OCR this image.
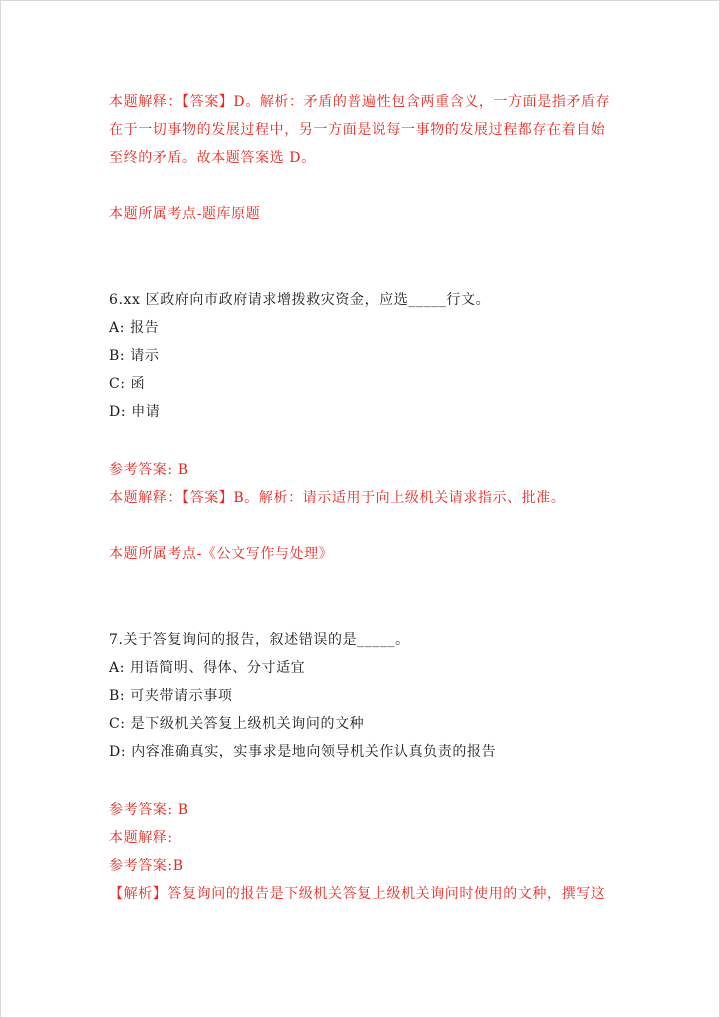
本题解释：【答案】D。解析：矛盾的普遍性包含两重含义，一方面是指矛盾存
在于一切事物的发展过程中，另一方面是说每一事物的发展过程都存在着自始
至终的矛盾。故本题答案选 D。
本题所属考点-题库原题
6.xx 区政府向市政府请求增拨救灾资金，应选_____行文。
A: 报告
B: 请示
C: 函
D: 申请
参考答案: B
本题解释：【答案】B。解析：请示适用于向上级机关请求指示、批准。
本题所属考点-《公文写作与处理》
7.关于答复询问的报告，叙述错误的是_____。
A: 用语简明、得体、分寸适宜
B: 可夹带请示事项
C: 是下级机关答复上级机关询问的文种
D: 内容准确真实，实事求是地向领导机关作认真负责的报告
参考答案: B
本题解释:
参考答案:B
【解析】答复询问的报告是下级机关答复上级机关询问时使用的文种，撰写这
